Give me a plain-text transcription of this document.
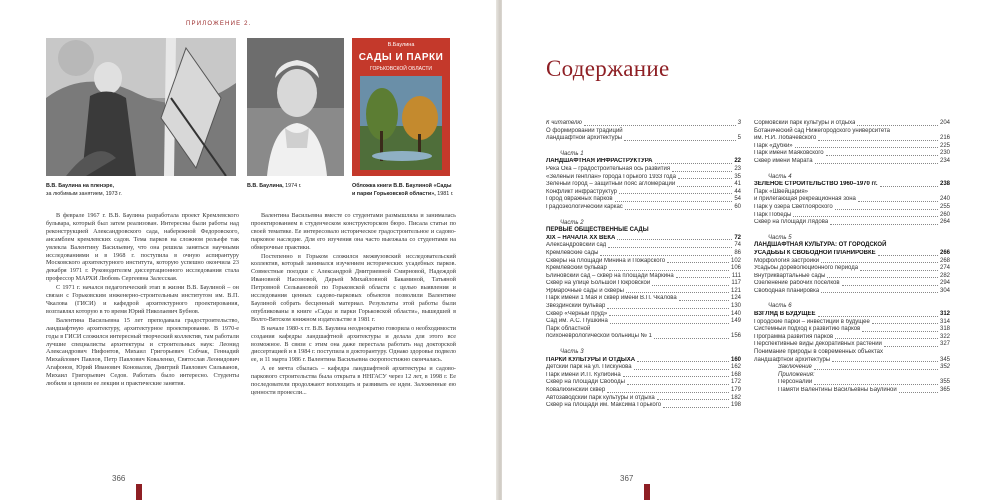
ПРИЛОЖЕНИЕ 2.
В.В. Баулина на пленэре,
за любимым занятием, 1973 г.
В.В. Баулина, 1974 г.
В.Баулина
САДЫ И ПАРКИ
ГОРЬКОВСКОЙ ОБЛАСТИ
Обложка книги В.В. Баулиной «Сады и парки Горьковской области», 1981 г.

В феврале 1967 г. В.В. Баулина разработала проект Кремлевского бульвара, который был затем реализован. Интересны были работы над реконструкцией Александровского сада, набережной Федоровского, ансамблем кремлевских садов. Тема парков на сложном рельефе так увлекла Валентину Васильевну, что она решила заняться научными исследованиями и в 1968 г. поступила в очную аспирантуру Московского архитектурного института, которую успешно окончила 23 декабря 1971 г. Руководителем диссертационного исследования стала профессор МАРХИ Любовь Сергеевна Залесская.

С 1971 г. начался педагогический этап в жизни В.В. Баулиной – он связан с Горьковским инженерно-строительным институтом им. В.П. Чкалова (ГИСИ) и кафедрой архитектурного проектирования, возглавлял которую в то время Юрий Николаевич Бубнов.

Валентина Васильевна 15 лет преподавала градостроительство, ландшафтную архитектуру, архитектурное проектирование. В 1970-е годы в ГИСИ сложился интересный творческий коллектив, там работали лучшие специалисты архитектуры и строительных наук: Леонид Александрович Нифонтов, Михаил Григорьевич Собчак, Геннадий Михайлович Павлов, Петр Павлович Коваленко, Святослав Леонидович Агафонов, Юрий Иванович Коновалов, Дмитрий Павлович Сильванов, Михаил Григорьевич Седов. Работать было интересно. Студенты любили и ценили ее лекции и практические занятия.

Валентина Васильевна вместе со студентами размышляла и занималась проектированием в студенческом конструкторском бюро. Писала статьи по своей тематике. Ее интересовало историческое градостроительное и садово-парковое наследие. Для его изучения она часто выезжала со студентами на обмерочные практики.

Постепенно в Горьком сложился межвузовский исследовательский коллектив, который занимался изучением исторических усадебных парков. Совместные поездки с Александрой Дмитриевной Смирновой, Надеждой Ивановной Насоновой, Дарьей Михайловной Бакаминой, Татьяной Петровной Сельвановой по Горьковской области с целью выявления и исследования ценных садово-парковых объектов позволили Валентине Баулиной собрать бесценный материал. Результаты этой работы были опубликованы в книге «Сады и парки Горьковской области», вышедшей в Волго-Вятском книжном издательстве в 1981 г.

В начале 1980-х гг. В.В. Баулина неоднократно говорила о необходимости создания кафедры ландшафтной архитектуры и делала для этого все возможное. В связи с этим она даже перестала работать над докторской диссертацией и в 1984 г. поступила в докторантуру. Однако здоровье подвело ее, и 11 марта 1986 г. Валентина Васильевна скоропостижно скончалась.

А ее мечта сбылась – кафедра ландшафтной архитектуры и садово-паркового строительства была открыта в ННГАСУ через 12 лет, в 1998 г. Ее последователи продолжают воплощать и развивать ее идеи. Заложенные ею ценности пронесли...

366
Содержание
К читателю	3
О формировании традиций
ландшафтной архитектуры	5
Часть 1
ЛАНДШАФТНАЯ ИНФРАСТРУКТУРА	22
Река Ока – градостроительная ось развития	23
«Зеленый генплан» города Горького 1933 года	35
Зеленый город – защитный пояс агломерации	41
Конфликт инфраструктур	44
Город овражных парков	54
Градоэкологический каркас	60
Часть 2
ПЕРВЫЕ ОБЩЕСТВЕННЫЕ САДЫ
XIX – НАЧАЛА XX ВЕКА	72
Александровский сад	74
Кремлевские сады	86
Скверы на площади Минина и Пожарского	102
Кремлевский бульвар	106
Блиновский сад – сквер на площади Маркина	111
Сквер на улице Большой Покровской	117
Ярмарочные сады и скверы	121
Парк имени 1 Мая и сквер имени В.П. Чкалова	124
Звездинский бульвар	130
Сквер «Черный пруд»	140
Сад им. А.С. Пушкина	149
Парк областной
психоневрологической больницы № 1	156
Часть 3
ПАРКИ КУЛЬТУРЫ И ОТДЫХА	160
Детский парк на ул. Пискунова	162
Парк имени И.П. Кулибина	168
Сквер на площади Свободы	172
Ковалихинский сквер	179
Автозаводский парк культуры и отдыха	182
Сквер на площади им. Максима Горького	198
Сормовский парк культуры и отдыха	204
Ботанический сад Нижегородского университета
им. Н.И. Лобачевского	216
Парк «Дубки»	225
Парк имени Маяковского	230
Сквер имени Марата	234
Часть 4
ЗЕЛЕНОЕ СТРОИТЕЛЬСТВО 1960–1970 гг.	238
Парк «Швейцария»
и прилегающая рекреационная зона	240
Парк у озера Светлоярского	255
Парк Победы	260
Сквер на площади Лядова	264
Часть 5
ЛАНДШАФТНАЯ КУЛЬТУРА: ОТ ГОРОДСКОЙ
УСАДЬБЫ К СВОБОДНОЙ ПЛАНИРОВКЕ	266
Морфология застройки	268
Усадьбы дореволюционного периода	274
Внутриквартальные сады	282
Озеленение рабочих поселков	294
Свободная планировка	304
Часть 6
ВЗГЛЯД В БУДУЩЕЕ	312
Городские парки – инвестиции в будущее	314
Системный подход к развитию парков	318
Программа развития парков	322
Перспективные виды декоративных растений	327
Понимание природы в современных объектах
ландшафтной архитектуры	345
Заключение	352
Приложения:
Персоналии	355
Памяти Валентины Васильевны Баулиной	365
367
